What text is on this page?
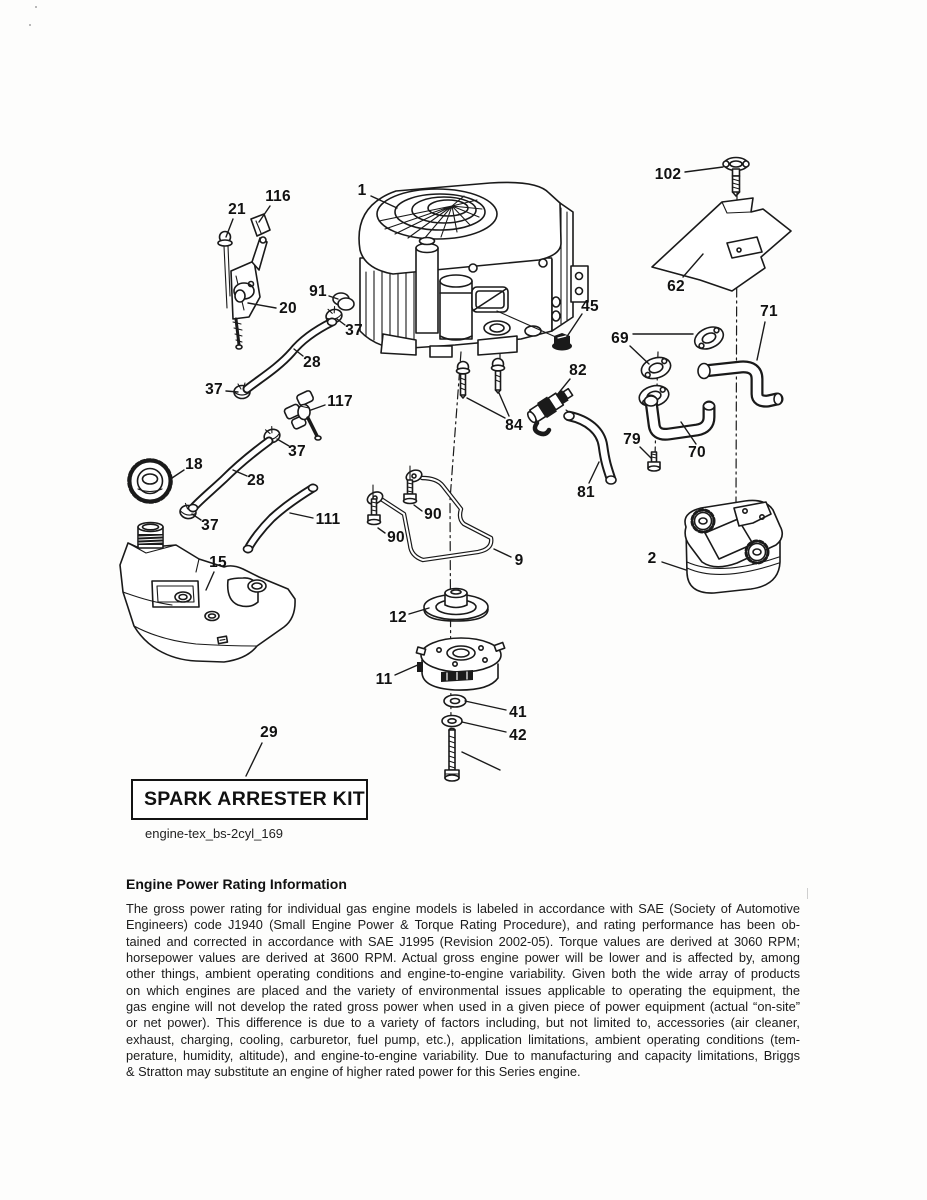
102
116	1
21
62
91
20	45	71
37	69
28	82
37
117
84
79
70
37
18
28
81
111
37
90
90
15	9	2
12
11
41
42
29
SPARK ARRESTER KIT
engine-tex_bs-2cyl_169
Engine Power Rating Information
The gross power rating for individual gas engine models is labeled in accordance with SAE (Society of Automotive
Engineers) code J1940 (Small Engine Power & Torque Rating Procedure), and rating performance has been ob-
tained and corrected in accordance with SAE J1995 (Revision 2002-05). Torque values are derived at 3060 RPM;
horsepower values are derived at 3600 RPM. Actual gross engine power will be lower and is affected by, among
other things, ambient operating conditions and engine-to-engine variability. Given both the wide array of products
on which engines are placed and the variety of environmental issues applicable to operating the equipment, the
gas engine will not develop the rated gross power when used in a given piece of power equipment (actual “on-site”
or net power). This difference is due to a variety of factors including, but not limited to, accessories (air cleaner,
exhaust, charging, cooling, carburetor, fuel pump, etc.), application limitations, ambient operating conditions (tem-
perature, humidity, altitude), and engine-to-engine variability. Due to manufacturing and capacity limitations, Briggs
& Stratton may substitute an engine of higher rated power for this Series engine.
